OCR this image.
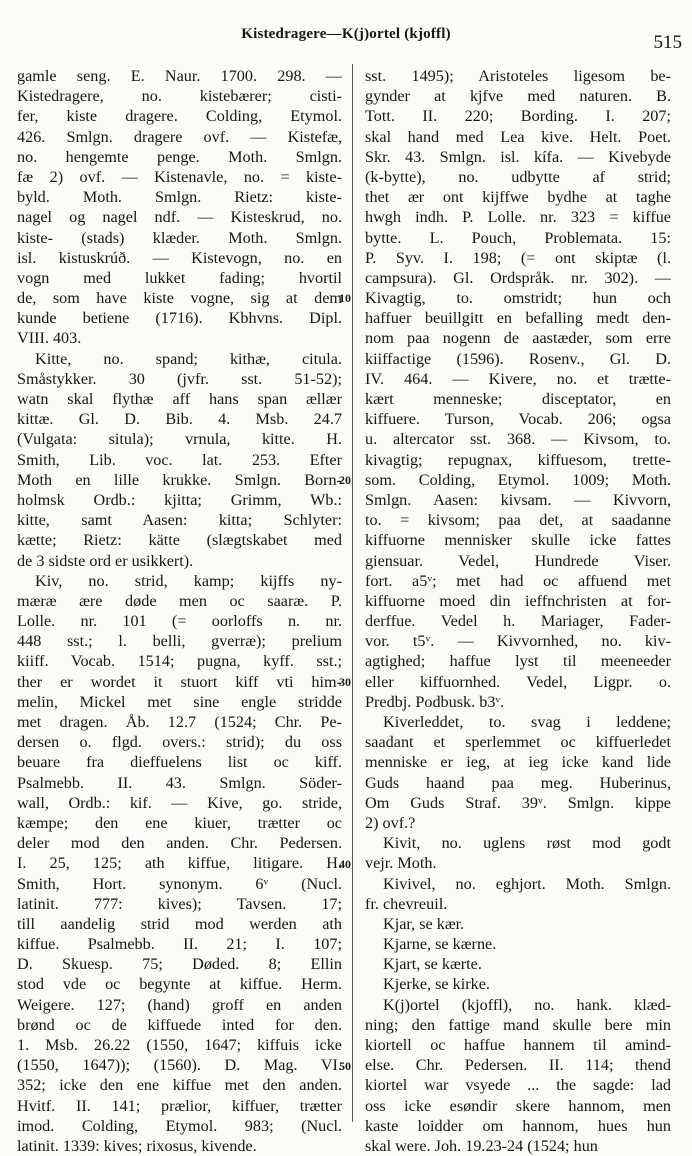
Kistedragere—K(j)ortel (kjoffl)	515
gamle seng. E. Naur. 1700. 298. —
Kistedragere, no. kistebærer; cisti-
fer, kiste dragere. Colding, Etymol.
426. Smlgn. dragere ovf. — Kistefæ,
no. hengemte penge. Moth. Smlgn.
fæ 2) ovf. — Kistenavle, no. = kiste-
byld. Moth. Smlgn. Rietz: kiste-
nagel og nagel ndf. — Kisteskrud, no.
kiste- (stads) klæder. Moth. Smlgn.
isl. kistuskrúð. — Kistevogn, no. en
vogn med lukket fading; hvortil
de, som have kiste vogne, sig at dem
kunde betiene (1716). Kbhvns. Dipl.
VIII. 403.
Kitte, no. spand; kithæ, citula.
Småstykker. 30 (jvfr. sst. 51-52);
watn skal flythæ aff hans span ællær
kittæ. Gl. D. Bib. 4. Msb. 24.7
(Vulgata: situla); vrnula, kitte. H.
Smith, Lib. voc. lat. 253. Efter
Moth en lille krukke. Smlgn. Born-
holmsk Ordb.: kjitta; Grimm, Wb.:
kitte, samt Aasen: kitta; Schlyter:
kætte; Rietz: kätte (slægtskabet med
de 3 sidste ord er usikkert).
Kiv, no. strid, kamp; kijffs ny-
mæræ ære døde men oc saaræ. P.
Lolle. nr. 101 (= oorloffs n. nr.
448 sst.; l. belli, gverræ); prelium
kiiff. Vocab. 1514; pugna, kyff. sst.;
ther er wordet it stuort kiff vti him-
melin, Mickel met sine engle stridde
met dragen. Åb. 12.7 (1524; Chr. Pe-
dersen o. flgd. overs.: strid); du oss
beuare fra dieffuelens list oc kiff.
Psalmebb. II. 43. Smlgn. Söder-
wall, Ordb.: kif. — Kive, go. stride,
kæmpe; den ene kiuer, trætter oc
deler mod den anden. Chr. Pedersen.
I. 25, 125; ath kiffue, litigare. H.
Smith, Hort. synonym. 6ᵛ (Nucl.
latinit. 777: kives); Tavsen. 17;
till aandelig strid mod werden ath
kiffue. Psalmebb. II. 21; I. 107;
D. Skuesp. 75; Døded. 8; Ellin
stod vde oc begynte at kiffue. Herm.
Weigere. 127; (hand) groff en anden
brønd oc de kiffuede inted for den.
1. Msb. 26.22 (1550, 1647; kiffuis icke
(1550, 1647)); (1560). D. Mag. VI.
352; icke den ene kiffue met den anden.
Hvitf. II. 141; prælior, kiffuer, trætter
imod. Colding, Etymol. 983; (Nucl.
latinit. 1339: kives; rixosus, kivende.
sst. 1495); Aristoteles ligesom be-
gynder at kjfve med naturen. B.
Tott. II. 220; Bording. I. 207;
skal hand med Lea kive. Helt. Poet.
Skr. 43. Smlgn. isl. kífa. — Kivebyde
(k-bytte), no. udbytte af strid;
thet ær ont kijffwe bydhe at taghe
hwgh indh. P. Lolle. nr. 323 = kiffue
bytte. L. Pouch, Problemata. 15:
P. Syv. I. 198; (= ont skiptæ (l.
campsura). Gl. Ordspråk. nr. 302). —
Kivagtig, to. omstridt; hun och
haffuer beuillgitt en befalling medt den-
nom paa nogenn de aastæder, som erre
kiiffactige (1596). Rosenv., Gl. D.
IV. 464. — Kivere, no. et trætte-
kært menneske; disceptator, en
kiffuere. Turson, Vocab. 206; ogsa
u. altercator sst. 368. — Kivsom, to.
kivagtig; repugnax, kiffuesom, trette-
som. Colding, Etymol. 1009; Moth.
Smlgn. Aasen: kivsam. — Kivvorn,
to. = kivsom; paa det, at saadanne
kiffuorne mennisker skulle icke fattes
giensuar. Vedel, Hundrede Viser.
fort. a5ᵛ; met had oc affuend met
kiffuorne moed din ieffnchristen at for-
derffue. Vedel h. Mariager, Fader-
vor. t5ᵛ. — Kivvornhed, no. kiv-
agtighed; haffue lyst til meeneeder
eller kiffuornhed. Vedel, Ligpr. o.
Predbj. Podbusk. b3ᵛ.
Kiverleddet, to. svag i leddene;
saadant et sperlemmet oc kiffuerledet
menniske er ieg, at ieg icke kand lide
Guds haand paa meg. Huberinus,
Om Guds Straf. 39ᵛ. Smlgn. kippe
2) ovf.?
Kivit, no. uglens røst mod godt
vejr. Moth.
Kivivel, no. eghjort. Moth. Smlgn.
fr. chevreuil.
Kjar, se kær.
Kjarne, se kærne.
Kjart, se kærte.
Kjerke, se kirke.
K(j)ortel (kjoffl), no. hank. klæd-
ning; den fattige mand skulle bere min
kiortell oc haffue hannem til amind-
else. Chr. Pedersen. II. 114; thend
kiortel war vsyede ... the sagde: lad
oss icke esøndir skere hannom, men
kaste loidder om hannom, hues hun
skal were. Joh. 19.23-24 (1524; hun
10
20
30
40
50
